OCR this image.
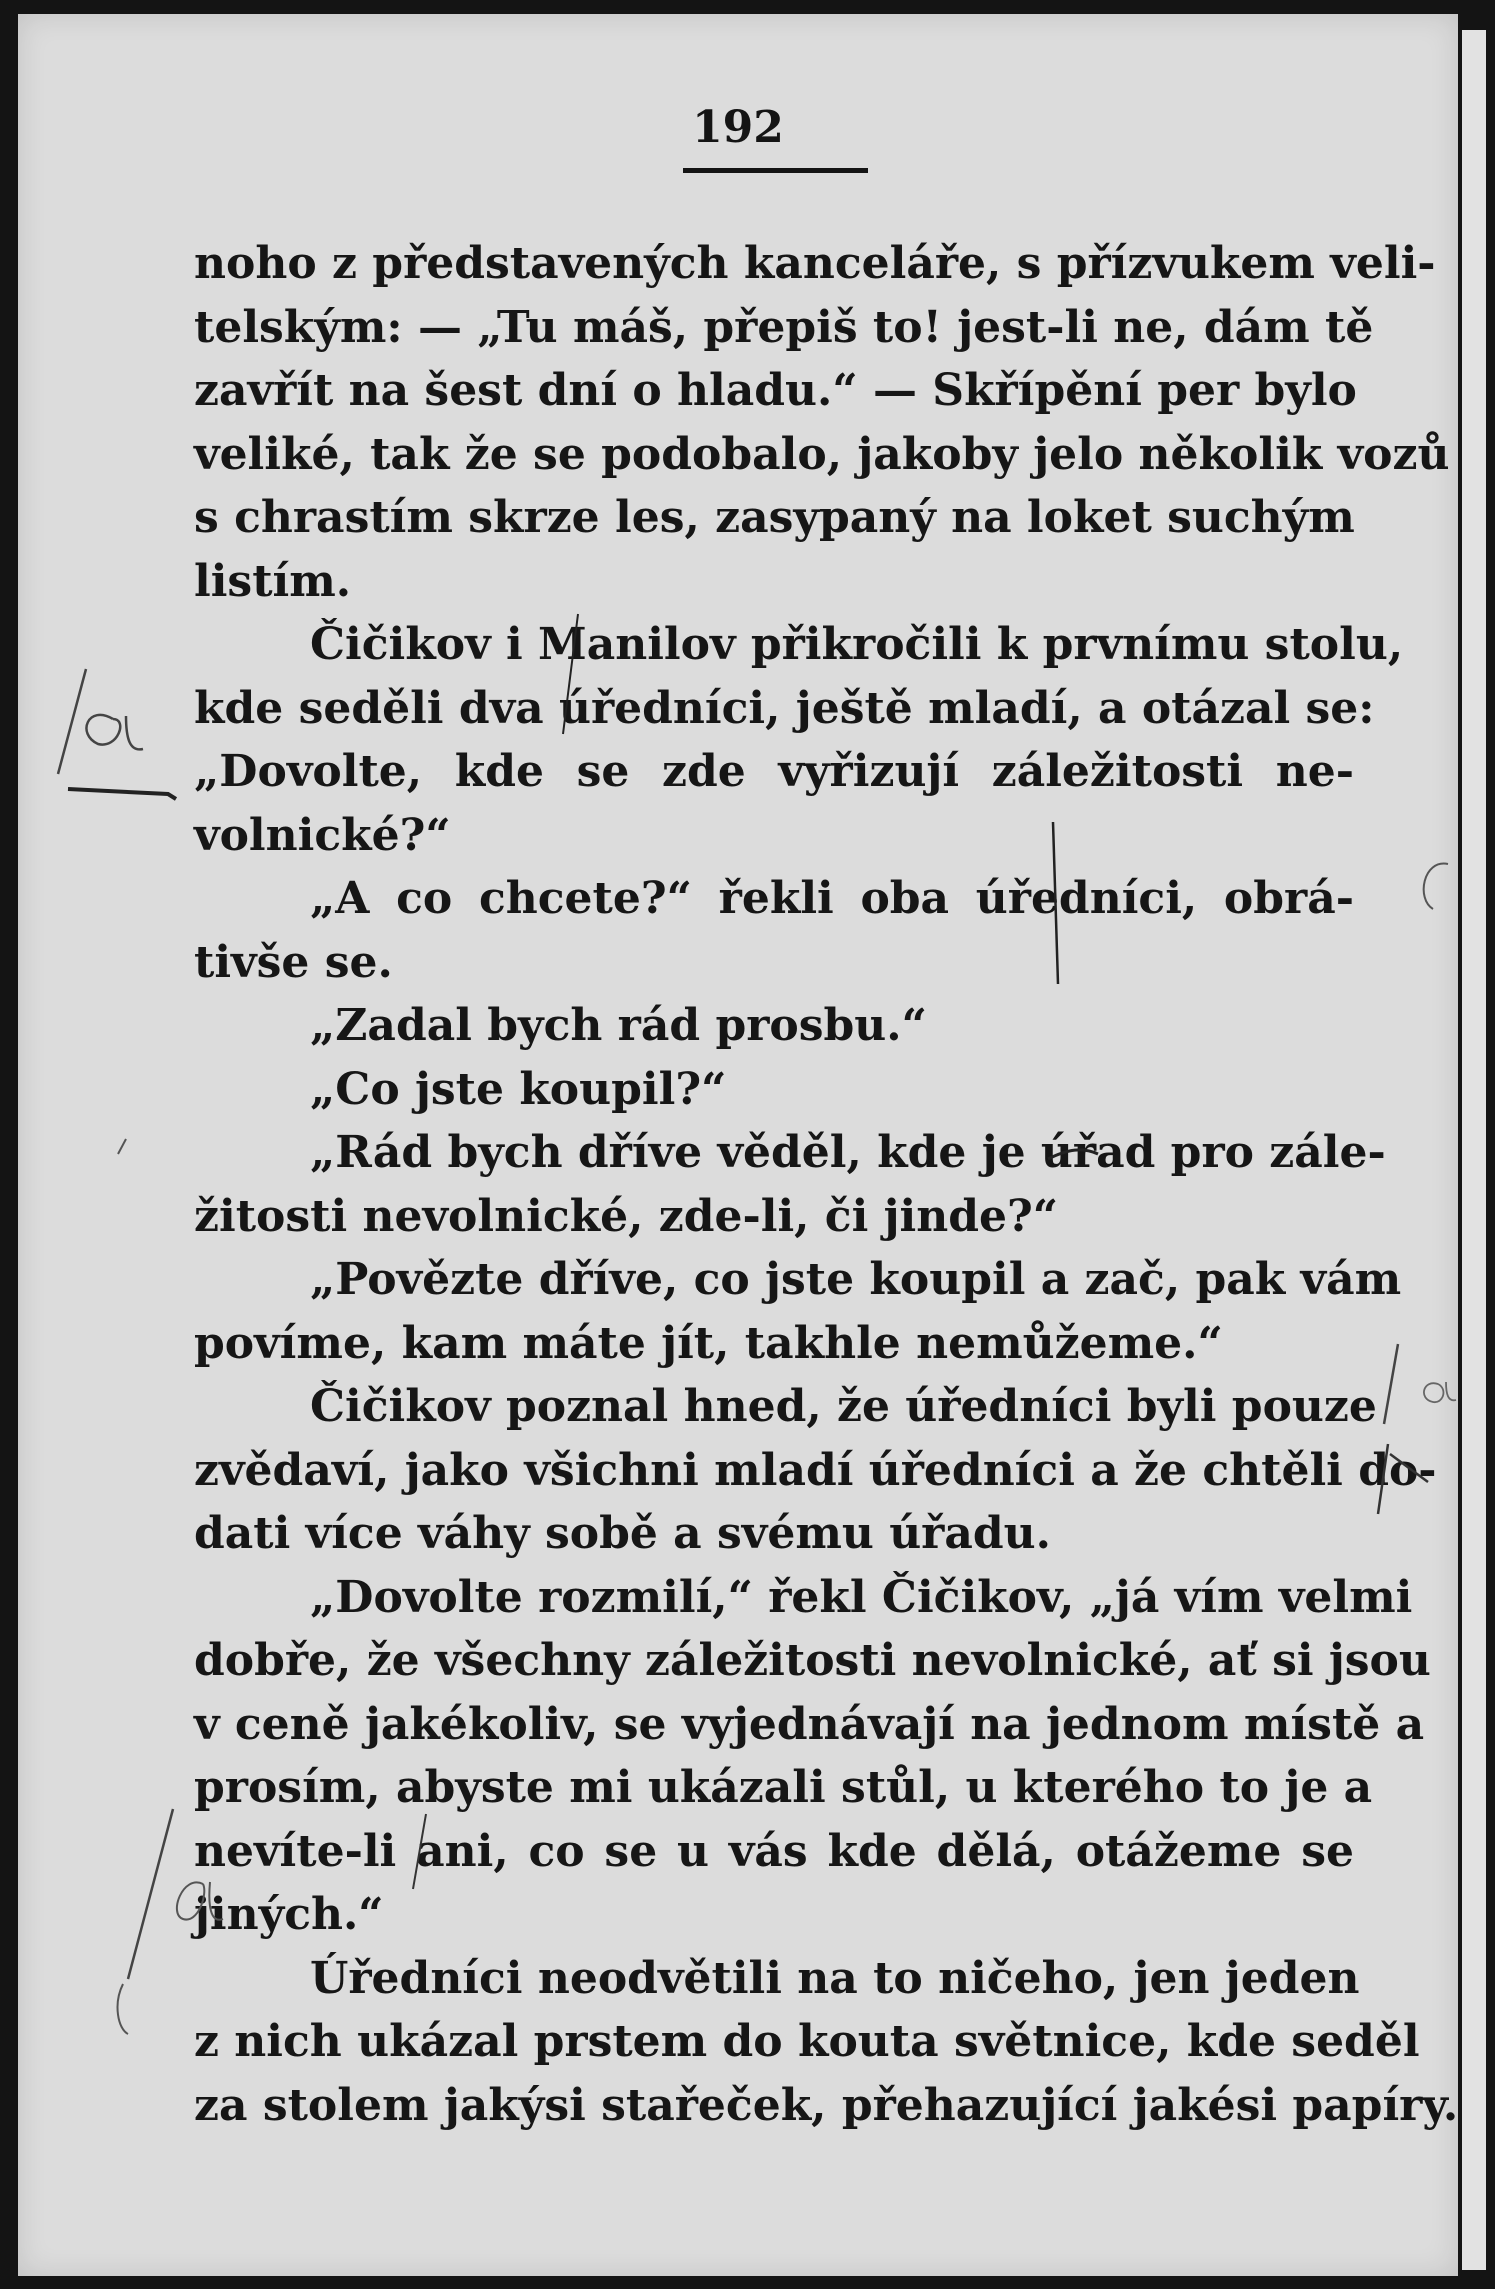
192
noho z představených kanceláře, s přízvukem veli-
telským: — „Tu máš, přepiš to! jest-li ne, dám tě
zavřít na šest dní o hladu.“ — Skřípění per bylo
veliké, tak že se podobalo, jakoby jelo několik vozů
s chrastím skrze les, zasypaný na loket suchým
listím.
Čičikov i Manilov přikročili k prvnímu stolu,
kde seděli dva úředníci, ještě mladí, a otázal se:
„Dovolte, kde se zde vyřizují záležitosti ne-
volnické?“
„A co chcete?“ řekli oba úředníci, obrá-
tivše se.
„Zadal bych rád prosbu.“
„Co jste koupil?“
„Rád bych dříve věděl, kde je úřad pro zále-
žitosti nevolnické, zde-li, či jinde?“
„Povězte dříve, co jste koupil a zač, pak vám
povíme, kam máte jít, takhle nemůžeme.“
Čičikov poznal hned, že úředníci byli pouze
zvědaví, jako všichni mladí úředníci a že chtěli do-
dati více váhy sobě a svému úřadu.
„Dovolte rozmilí,“ řekl Čičikov, „já vím velmi
dobře, že všechny záležitosti nevolnické, ať si jsou
v ceně jakékoliv, se vyjednávají na jednom místě a
prosím, abyste mi ukázali stůl, u kterého to je a
nevíte-li ani, co se u vás kde dělá, otážeme se
jiných.“
Úředníci neodvětili na to ničeho, jen jeden
z nich ukázal prstem do kouta světnice, kde seděl
za stolem jakýsi stařeček, přehazující jakési papíry.
